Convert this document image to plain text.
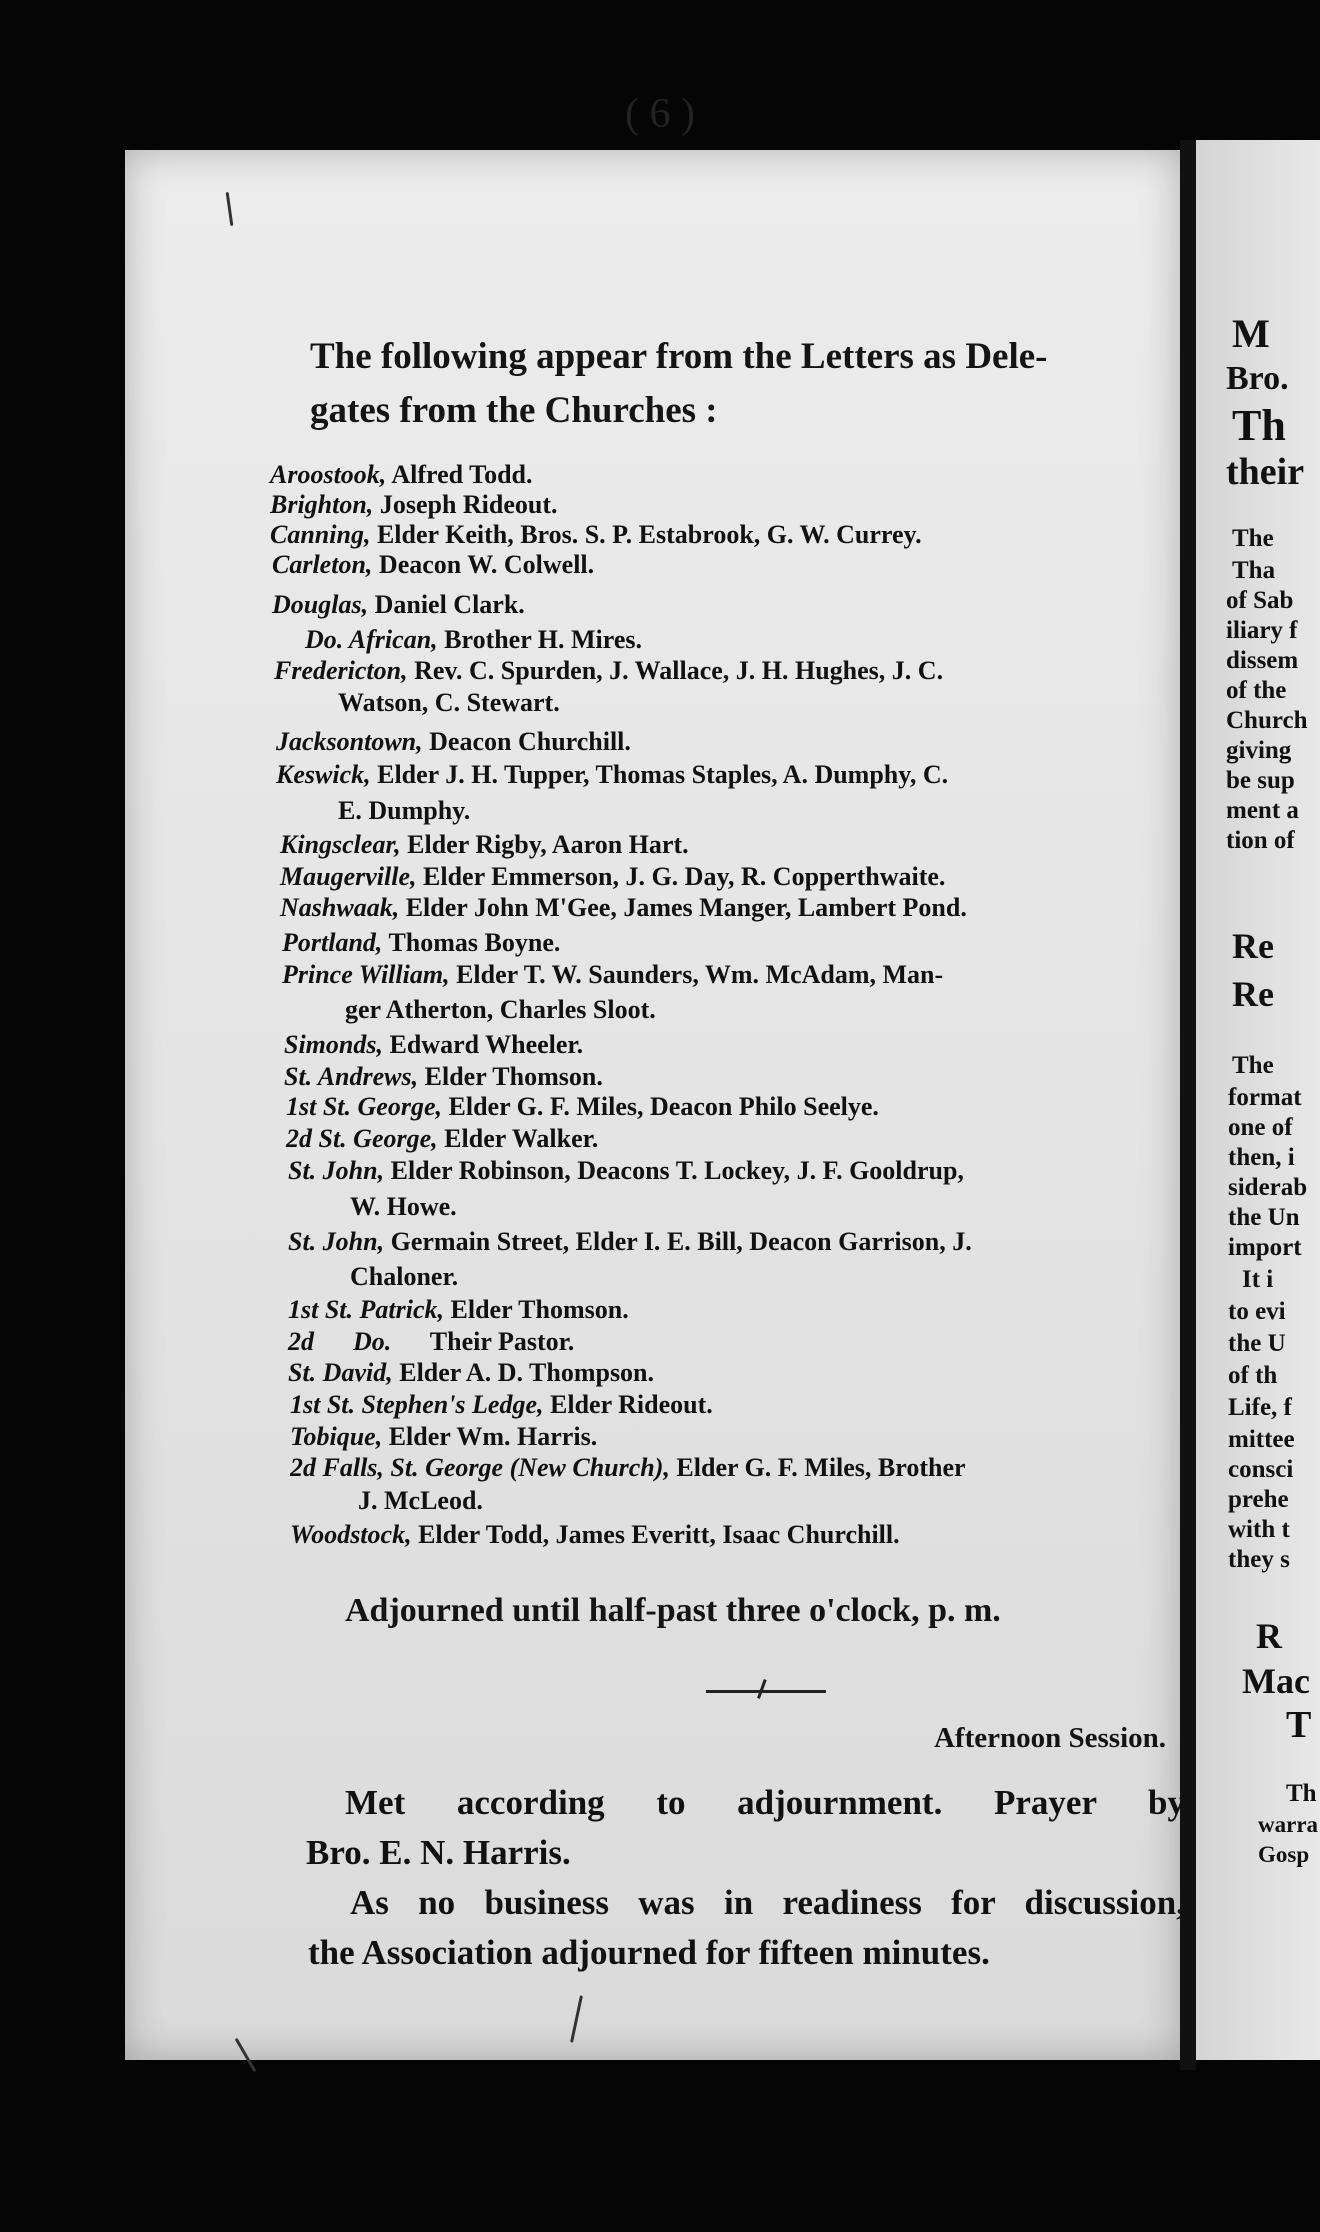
M
Bro.
Th
their
The
Tha
of Sab
iliary f
dissem
of the
Church
giving
be sup
ment a
tion of
Re
Re
The
format
one of
then, i
siderab
the Un
import
It i
to evi
the U
of th
Life, f
mittee
consci
prehe
with t
they s
R
Mac
T
Th
warra
Gosp
( 6 )
The following appear from the Letters as Dele-
gates from the Churches :
Aroostook, Alfred Todd.
Brighton, Joseph Rideout.
Canning, Elder Keith, Bros. S. P. Estabrook, G. W. Currey.
Carleton, Deacon W. Colwell.
Douglas, Daniel Clark.
Do. African, Brother H. Mires.
Fredericton, Rev. C. Spurden, J. Wallace, J. H. Hughes, J. C.
Watson, C. Stewart.
Jacksontown, Deacon Churchill.
Keswick, Elder J. H. Tupper, Thomas Staples, A. Dumphy, C.
E. Dumphy.
Kingsclear, Elder Rigby, Aaron Hart.
Maugerville, Elder Emmerson, J. G. Day, R. Copperthwaite.
Nashwaak, Elder John M'Gee, James Manger, Lambert Pond.
Portland, Thomas Boyne.
Prince William, Elder T. W. Saunders, Wm. McAdam, Man-
ger Atherton, Charles Sloot.
Simonds, Edward Wheeler.
St. Andrews, Elder Thomson.
1st St. George, Elder G. F. Miles, Deacon Philo Seelye.
2d St. George, Elder Walker.
St. John, Elder Robinson, Deacons T. Lockey, J. F. Gooldrup,
W. Howe.
St. John, Germain Street, Elder I. E. Bill, Deacon Garrison, J.
Chaloner.
1st St. Patrick, Elder Thomson.
2d      Do.      Their Pastor.
St. David, Elder A. D. Thompson.
1st St. Stephen's Ledge, Elder Rideout.
Tobique, Elder Wm. Harris.
2d Falls, St. George (New Church), Elder G. F. Miles, Brother
J. McLeod.
Woodstock, Elder Todd, James Everitt, Isaac Churchill.
Adjourned until half-past three o'clock, p. m.
Afternoon Session.
Met according to adjournment. Prayer by
Bro. E. N. Harris.
As no business was in readiness for discussion,
the Association adjourned for fifteen minutes.
